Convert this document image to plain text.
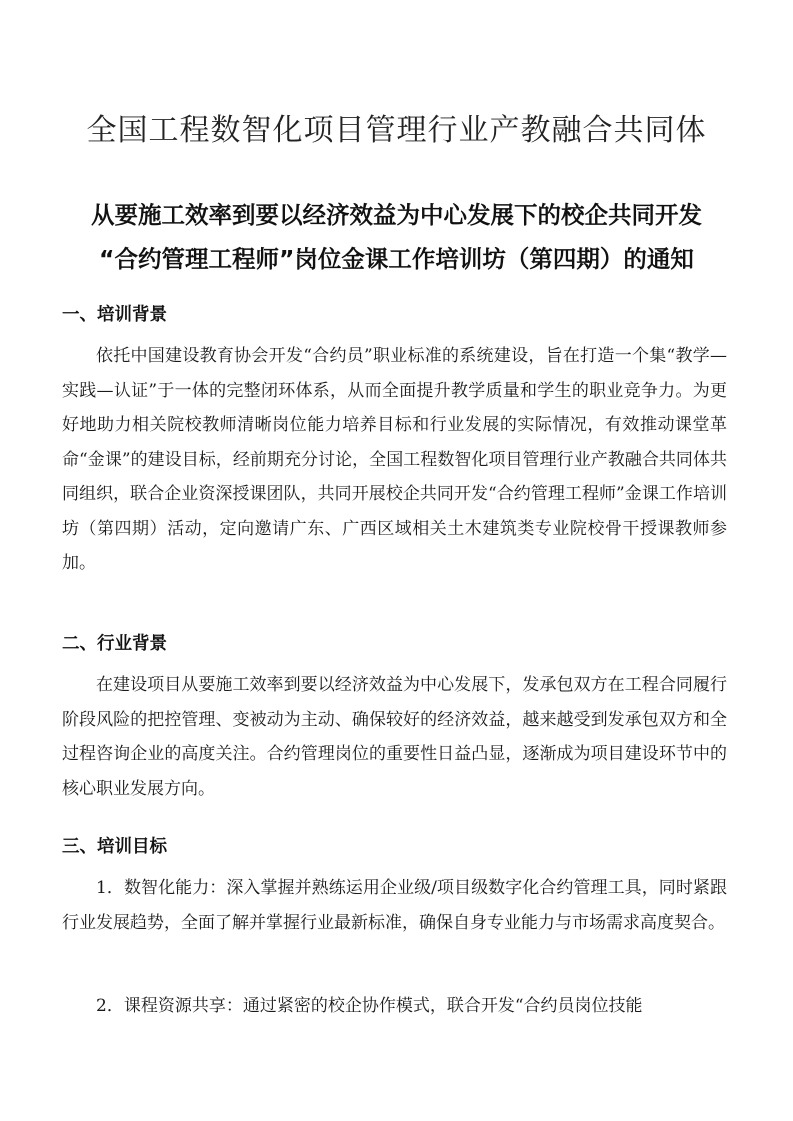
全国工程数智化项目管理行业产教融合共同体
从要施工效率到要以经济效益为中心发展下的校企共同开发
“合约管理工程师”岗位金课工作培训坊（第四期）的通知
一、培训背景

依托中国建设教育协会开发“合约员”职业标准的系统建设，旨在打造一个集“教学—实践—认证”于一体的完整闭环体系，从而全面提升教学质量和学生的职业竞争力。为更好地助力相关院校教师清晰岗位能力培养目标和行业发展的实际情况，有效推动课堂革命“金课”的建设目标，经前期充分讨论，全国工程数智化项目管理行业产教融合共同体共同组织，联合企业资深授课团队，共同开展校企共同开发“合约管理工程师”金课工作培训坊（第四期）活动，定向邀请广东、广西区域相关土木建筑类专业院校骨干授课教师参加。

二、行业背景

在建设项目从要施工效率到要以经济效益为中心发展下，发承包双方在工程合同履行阶段风险的把控管理、变被动为主动、确保较好的经济效益，越来越受到发承包双方和全过程咨询企业的高度关注。合约管理岗位的重要性日益凸显，逐渐成为项目建设环节中的核心职业发展方向。

三、培训目标

1．数智化能力：深入掌握并熟练运用企业级/项目级数字化合约管理工具，同时紧跟行业发展趋势，全面了解并掌握行业最新标准，确保自身专业能力与市场需求高度契合。

2．课程资源共享：通过紧密的校企协作模式，联合开发“合约员岗位技能
